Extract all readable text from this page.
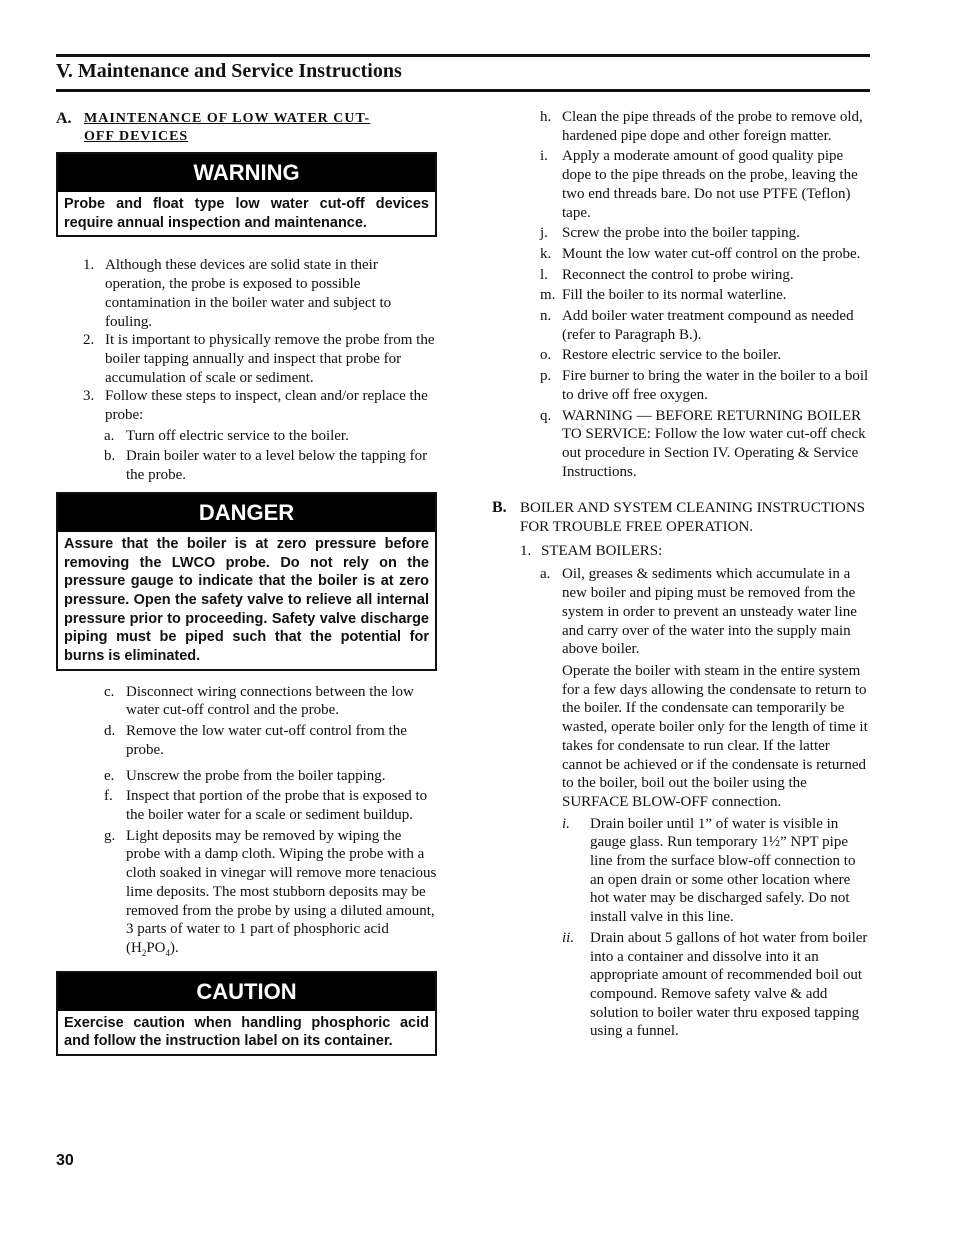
V. Maintenance and Service Instructions
A. MAINTENANCE OF LOW WATER CUT-
OFF DEVICES
WARNING
Probe and float type low water cut-off devices require annual inspection and maintenance.
1. Although these devices are solid state in their operation, the probe is exposed to possible contamination in the boiler water and subject to fouling.
2. It is important to physically remove the probe from the boiler tapping annually and inspect that probe for accumulation of scale or sediment.
3. Follow these steps to inspect, clean and/or replace the probe:
a. Turn off electric service to the boiler.
b. Drain boiler water to a level below the tapping for the probe.
DANGER
Assure that the boiler is at zero pressure before removing the LWCO probe. Do not rely on the pressure gauge to indicate that the boiler is at zero pressure. Open the safety valve to relieve all internal pressure prior to proceeding. Safety valve discharge piping must be piped such that the potential for burns is eliminated.
c. Disconnect wiring connections between the low water cut-off control and the probe.
d. Remove the low water cut-off control from the probe.
e. Unscrew the probe from the boiler tapping.
f. Inspect that portion of the probe that is exposed to the boiler water for a scale or sediment buildup.
g. Light deposits may be removed by wiping the probe with a damp cloth. Wiping the probe with a cloth soaked in vinegar will remove more tenacious lime deposits. The most stubborn deposits may be removed from the probe by using a diluted amount, 3 parts of water to 1 part of phosphoric acid $(H_2PO_4)$.
CAUTION
Exercise caution when handling phosphoric acid and follow the instruction label on its container.
h. Clean the pipe threads of the probe to remove old, hardened pipe dope and other foreign matter.
i. Apply a moderate amount of good quality pipe dope to the pipe threads on the probe, leaving the two end threads bare. Do not use PTFE (Teflon) tape.
j. Screw the probe into the boiler tapping.
k. Mount the low water cut-off control on the probe.
l. Reconnect the control to probe wiring.
m. Fill the boiler to its normal waterline.
n. Add boiler water treatment compound as needed (refer to Paragraph B.).
o. Restore electric service to the boiler.
p. Fire burner to bring the water in the boiler to a boil to drive off free oxygen.
q. WARNING — BEFORE RETURNING BOILER TO SERVICE: Follow the low water cut-off check out procedure in Section IV. Operating & Service Instructions.
B. BOILER AND SYSTEM CLEANING INSTRUCTIONS FOR TROUBLE FREE OPERATION.
1. STEAM BOILERS:
a. Oil, greases & sediments which accumulate in a new boiler and piping must be removed from the system in order to prevent an unsteady water line and carry over of the water into the supply main above boiler.
Operate the boiler with steam in the entire system for a few days allowing the condensate to return to the boiler. If the condensate can temporarily be wasted, operate boiler only for the length of time it takes for condensate to run clear. If the latter cannot be achieved or if the condensate is returned to the boiler, boil out the boiler using the SURFACE BLOW-OFF connection.
i.	Drain boiler until 1” of water is visible in gauge glass. Run temporary 1½” NPT pipe line from the surface blow-off connection to an open drain or some other location where hot water may be discharged safely. Do not install valve in this line.
ii.	Drain about 5 gallons of hot water from boiler into a container and dissolve into it an appropriate amount of recommended boil out compound. Remove safety valve & add solution to boiler water thru exposed tapping using a funnel.
30
